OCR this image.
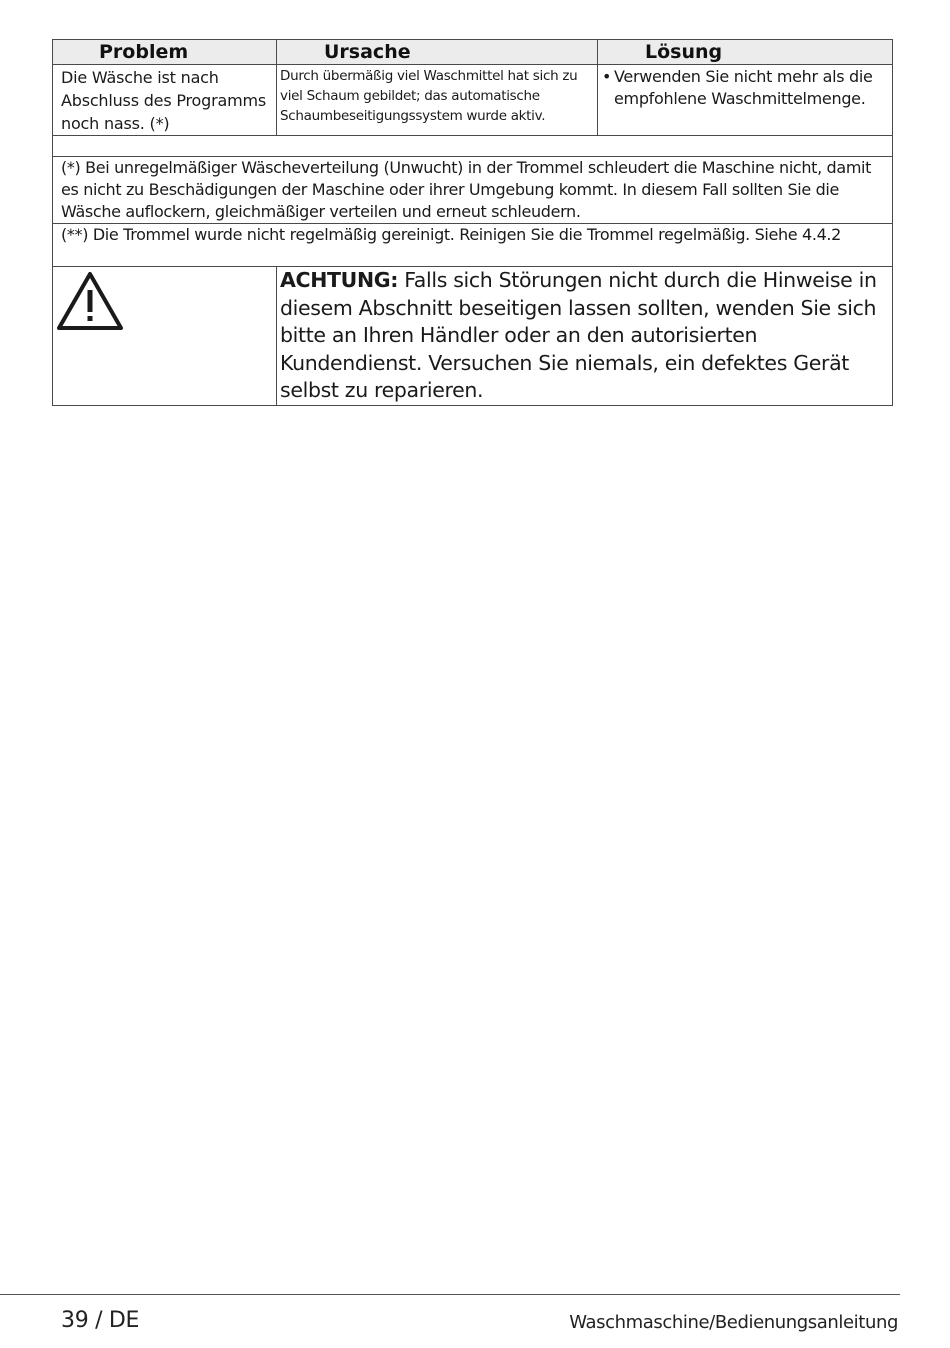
Problem	Ursache	Lösung
Die Wäsche ist nach Abschluss des Programms noch nass. (*)	Durch übermäßig viel Waschmittel hat sich zu viel Schaum gebildet; das automatische Schaumbeseitigungssystem wurde aktiv.	• Verwenden Sie nicht mehr als die empfohlene Waschmittelmenge.

(*) Bei unregelmäßiger Wäscheverteilung (Unwucht) in der Trommel schleudert die Maschine nicht, damit es nicht zu Beschädigungen der Maschine oder ihrer Umgebung kommt. In diesem Fall sollten Sie die Wäsche auflockern, gleichmäßiger verteilen und erneut schleudern.		
(**) Die Trommel wurde nicht regelmäßig gereinigt. Reinigen Sie die Trommel regelmäßig. Siehe 4.4.2		

	ACHTUNG: Falls sich Störungen nicht durch die Hinweise in diesem Abschnitt beseitigen lassen sollten, wenden Sie sich bitte an Ihren Händler oder an den autorisierten Kundendienst. Versuchen Sie niemals, ein defektes Gerät selbst zu reparieren.	
39 / DE	Waschmaschine/Bedienungsanleitung
